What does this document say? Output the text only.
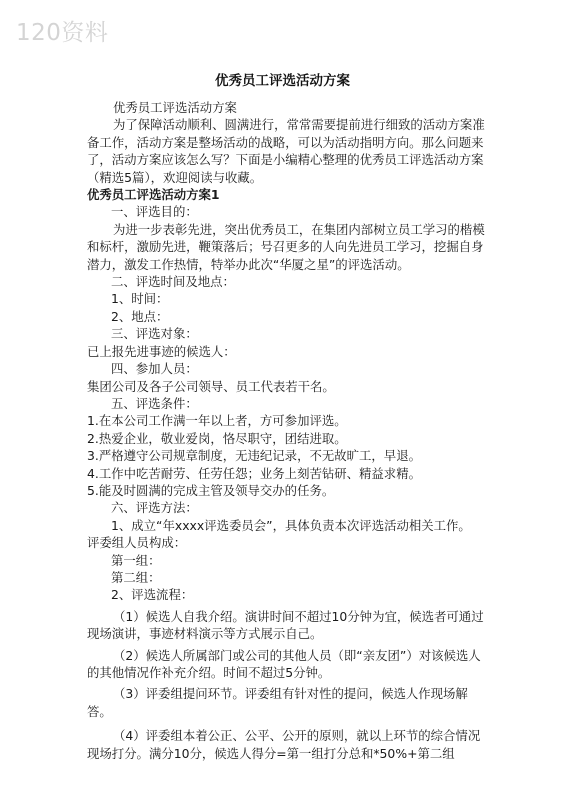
120资料
优秀员工评选活动方案

优秀员工评选活动方案

为了保障活动顺利、圆满进行，常常需要提前进行细致的活动方案准备工作，活动方案是整场活动的战略，可以为活动指明方向。那么问题来了，活动方案应该怎么写？下面是小编精心整理的优秀员工评选活动方案（精选5篇），欢迎阅读与收藏。

优秀员工评选活动方案1

一、评选目的：

为进一步表彰先进，突出优秀员工，在集团内部树立员工学习的楷模和标杆，激励先进，鞭策落后；号召更多的人向先进员工学习，挖掘自身潜力，激发工作热情，特举办此次“华厦之星”的评选活动。

二、评选时间及地点：

1、时间：

2、地点：

三、评选对象：

已上报先进事迹的候选人：

四、参加人员：

集团公司及各子公司领导、员工代表若干名。

五、评选条件：

1.在本公司工作满一年以上者，方可参加评选。

2.热爱企业，敬业爱岗，恪尽职守，团结进取。

3.严格遵守公司规章制度，无违纪记录，不无故旷工，早退。

4.工作中吃苦耐劳、任劳任怨；业务上刻苦钻研、精益求精。

5.能及时圆满的完成主管及领导交办的任务。

六、评选方法：

1、成立“年xxxx评选委员会”，具体负责本次评选活动相关工作。

评委组人员构成：

第一组：

第二组：

2、评选流程：

（1）候选人自我介绍。演讲时间不超过10分钟为宜，候选者可通过现场演讲，事迹材料演示等方式展示自己。

（2）候选人所属部门或公司的其他人员（即“亲友团”）对该候选人的其他情况作补充介绍。时间不超过5分钟。

（3）评委组提问环节。评委组有针对性的提问，候选人作现场解答。

（4）评委组本着公正、公平、公开的原则，就以上环节的综合情况现场打分。满分10分，候选人得分=第一组打分总和*50%+第二组
